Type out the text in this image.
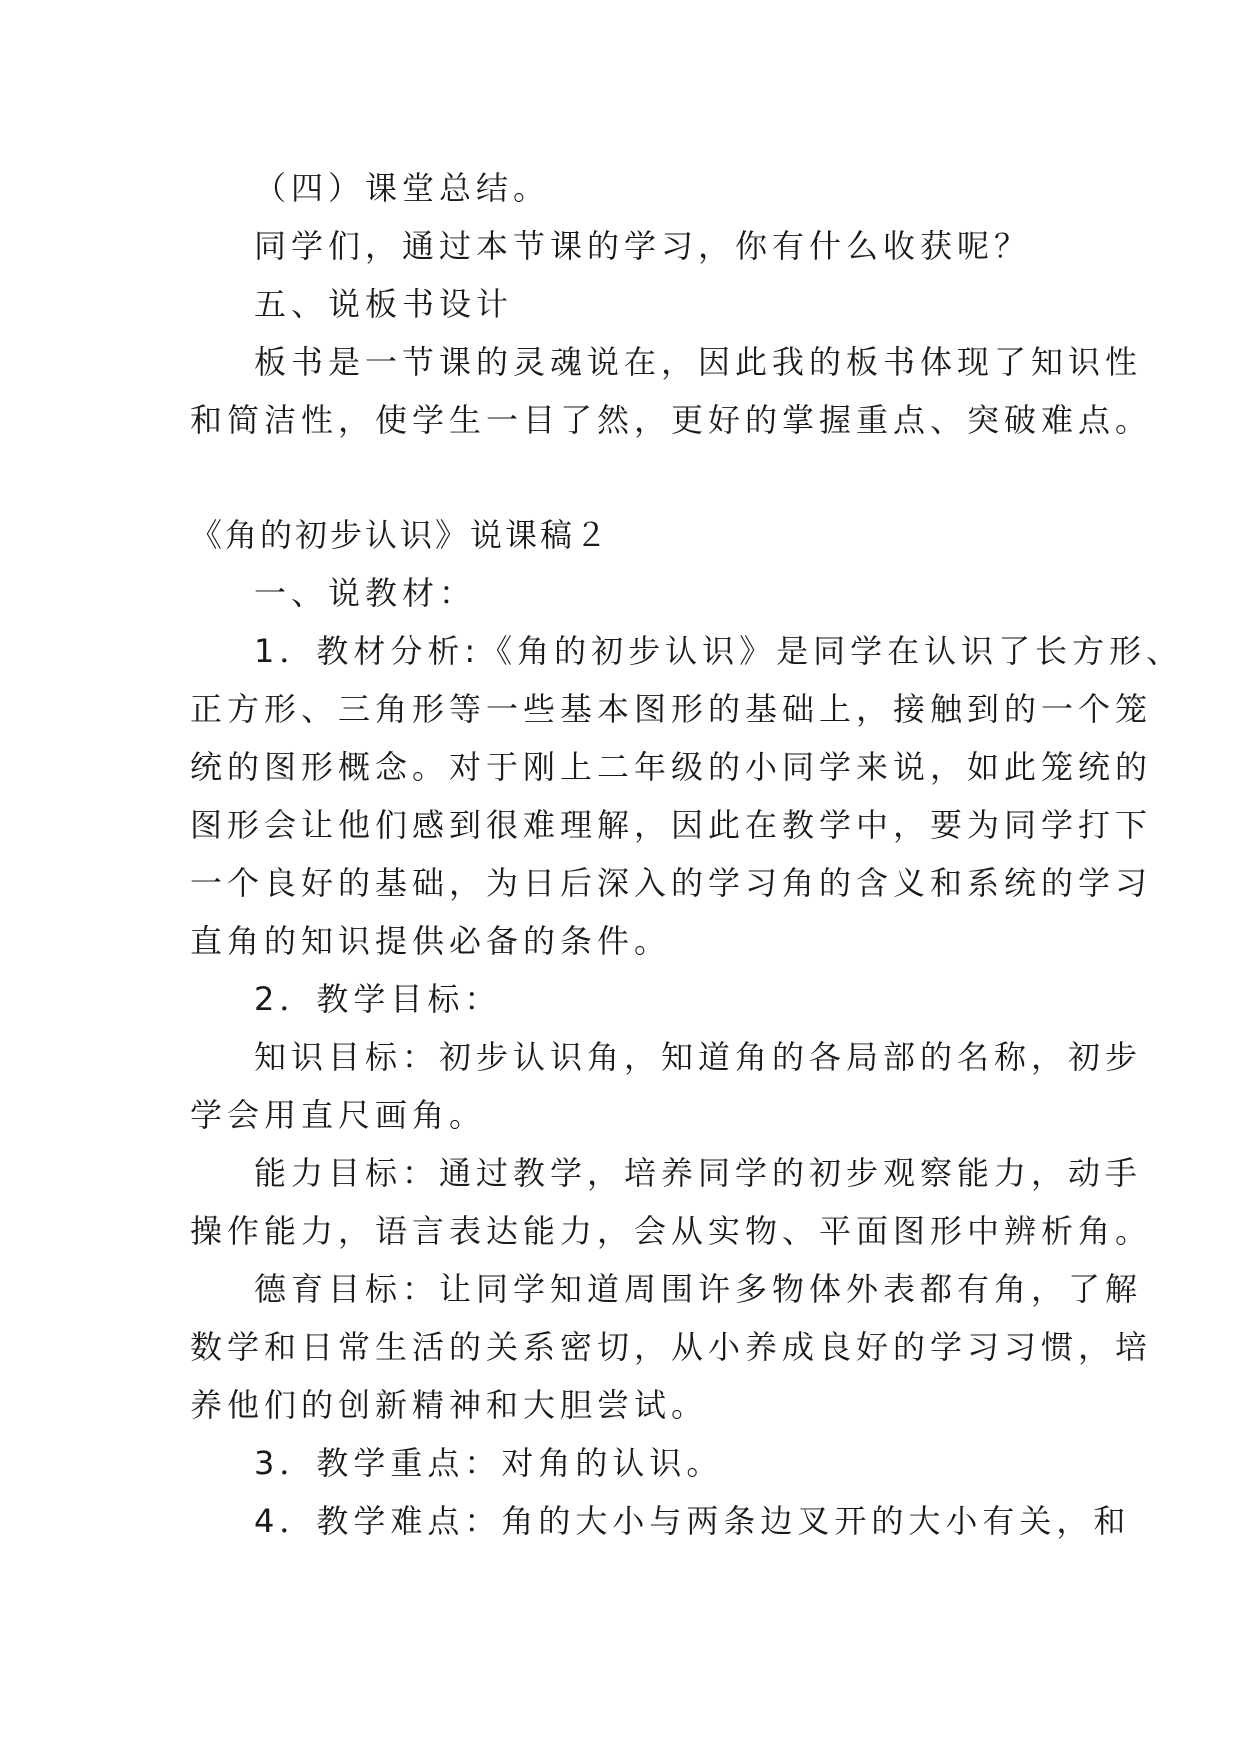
（四）课堂总结。

同学们，通过本节课的学习，你有什么收获呢？

五、说板书设计

板书是一节课的灵魂说在，因此我的板书体现了知识性

和简洁性，使学生一目了然，更好的掌握重点、突破难点。

《角的初步认识》说课稿２

一、说教材：

1．教材分析:《角的初步认识》是同学在认识了长方形、

正方形、三角形等一些基本图形的基础上，接触到的一个笼

统的图形概念。对于刚上二年级的小同学来说，如此笼统的

图形会让他们感到很难理解，因此在教学中，要为同学打下

一个良好的基础，为日后深入的学习角的含义和系统的学习

直角的知识提供必备的条件。

2．教学目标：

知识目标：初步认识角，知道角的各局部的名称，初步

学会用直尺画角。

能力目标：通过教学，培养同学的初步观察能力，动手

操作能力，语言表达能力，会从实物、平面图形中辨析角。

德育目标：让同学知道周围许多物体外表都有角，了解

数学和日常生活的关系密切，从小养成良好的学习习惯，培

养他们的创新精神和大胆尝试。

3．教学重点：对角的认识。

4．教学难点：角的大小与两条边叉开的大小有关，和
